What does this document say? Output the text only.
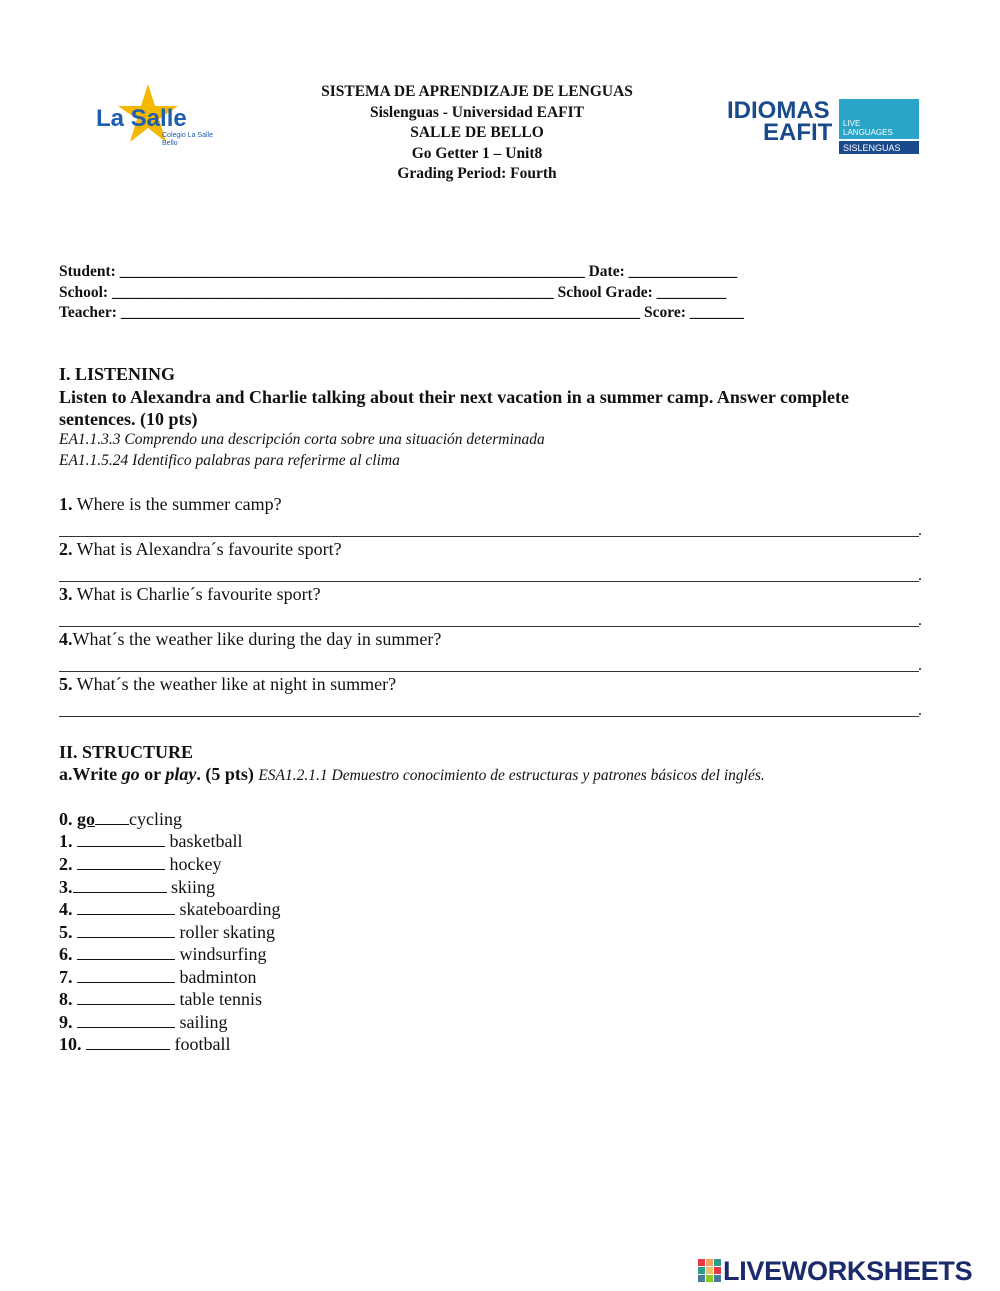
La Salle
Colegio La Salle
Bello
IDIOMAS
EAFIT LIVE
LANGUAGES
SISLENGUAS
SISTEMA DE APRENDIZAJE DE LENGUAS
Sislenguas - Universidad EAFIT
SALLE DE BELLO
Go Getter 1 – Unit8
Grading Period: Fourth
Student: ____________________________________________________________ Date: ______________
School: _________________________________________________________ School Grade: _________
Teacher: ___________________________________________________________________ Score: _______
I. LISTENING
Listen to Alexandra and Charlie talking about their next vacation in a summer camp. Answer complete sentences. (10 pts)
EA1.1.3.3 Comprendo una descripción corta sobre una situación determinada
EA1.1.5.24 Identifico palabras para referirme al clima
1. Where is the summer camp?
.
2. What is Alexandra´s favourite sport?
.
3. What is Charlie´s favourite sport?
.
4.What´s the weather like during the day in summer?
.
5. What´s the weather like at night in summer?
.
II. STRUCTURE
a.Write go or play. (5 pts) ESA1.2.1.1 Demuestro conocimiento de estructuras y patrones básicos del inglés.
0. go cycling
1.	basketball
2.	hockey
3.	skiing
4.	skateboarding
5.	roller skating
6.	windsurfing
7.	badminton
8.	table tennis
9.	sailing
10.	football
LIVEWORKSHEETS
